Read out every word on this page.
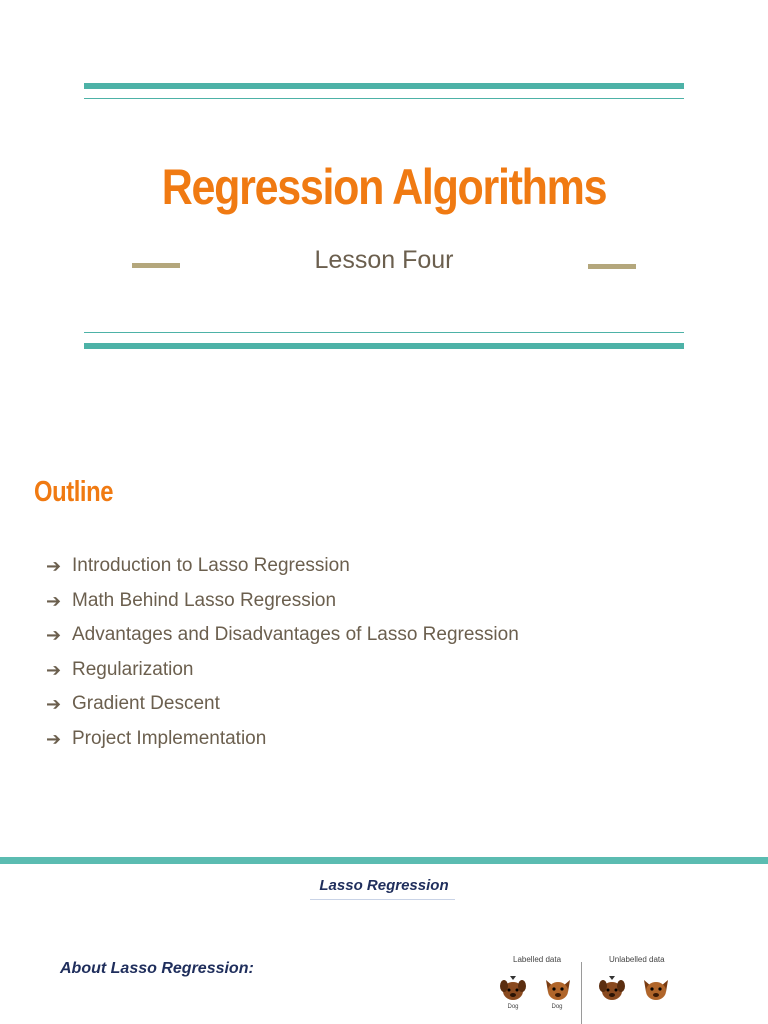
Regression Algorithms
Lesson Four
Outline
➔ Introduction to Lasso Regression
➔ Math Behind Lasso Regression
➔ Advantages and Disadvantages of Lasso Regression
➔ Regularization
➔ Gradient Descent
➔ Project Implementation
Lasso Regression
About Lasso Regression:
Labelled data	Unlabelled data
Dog	Dog
